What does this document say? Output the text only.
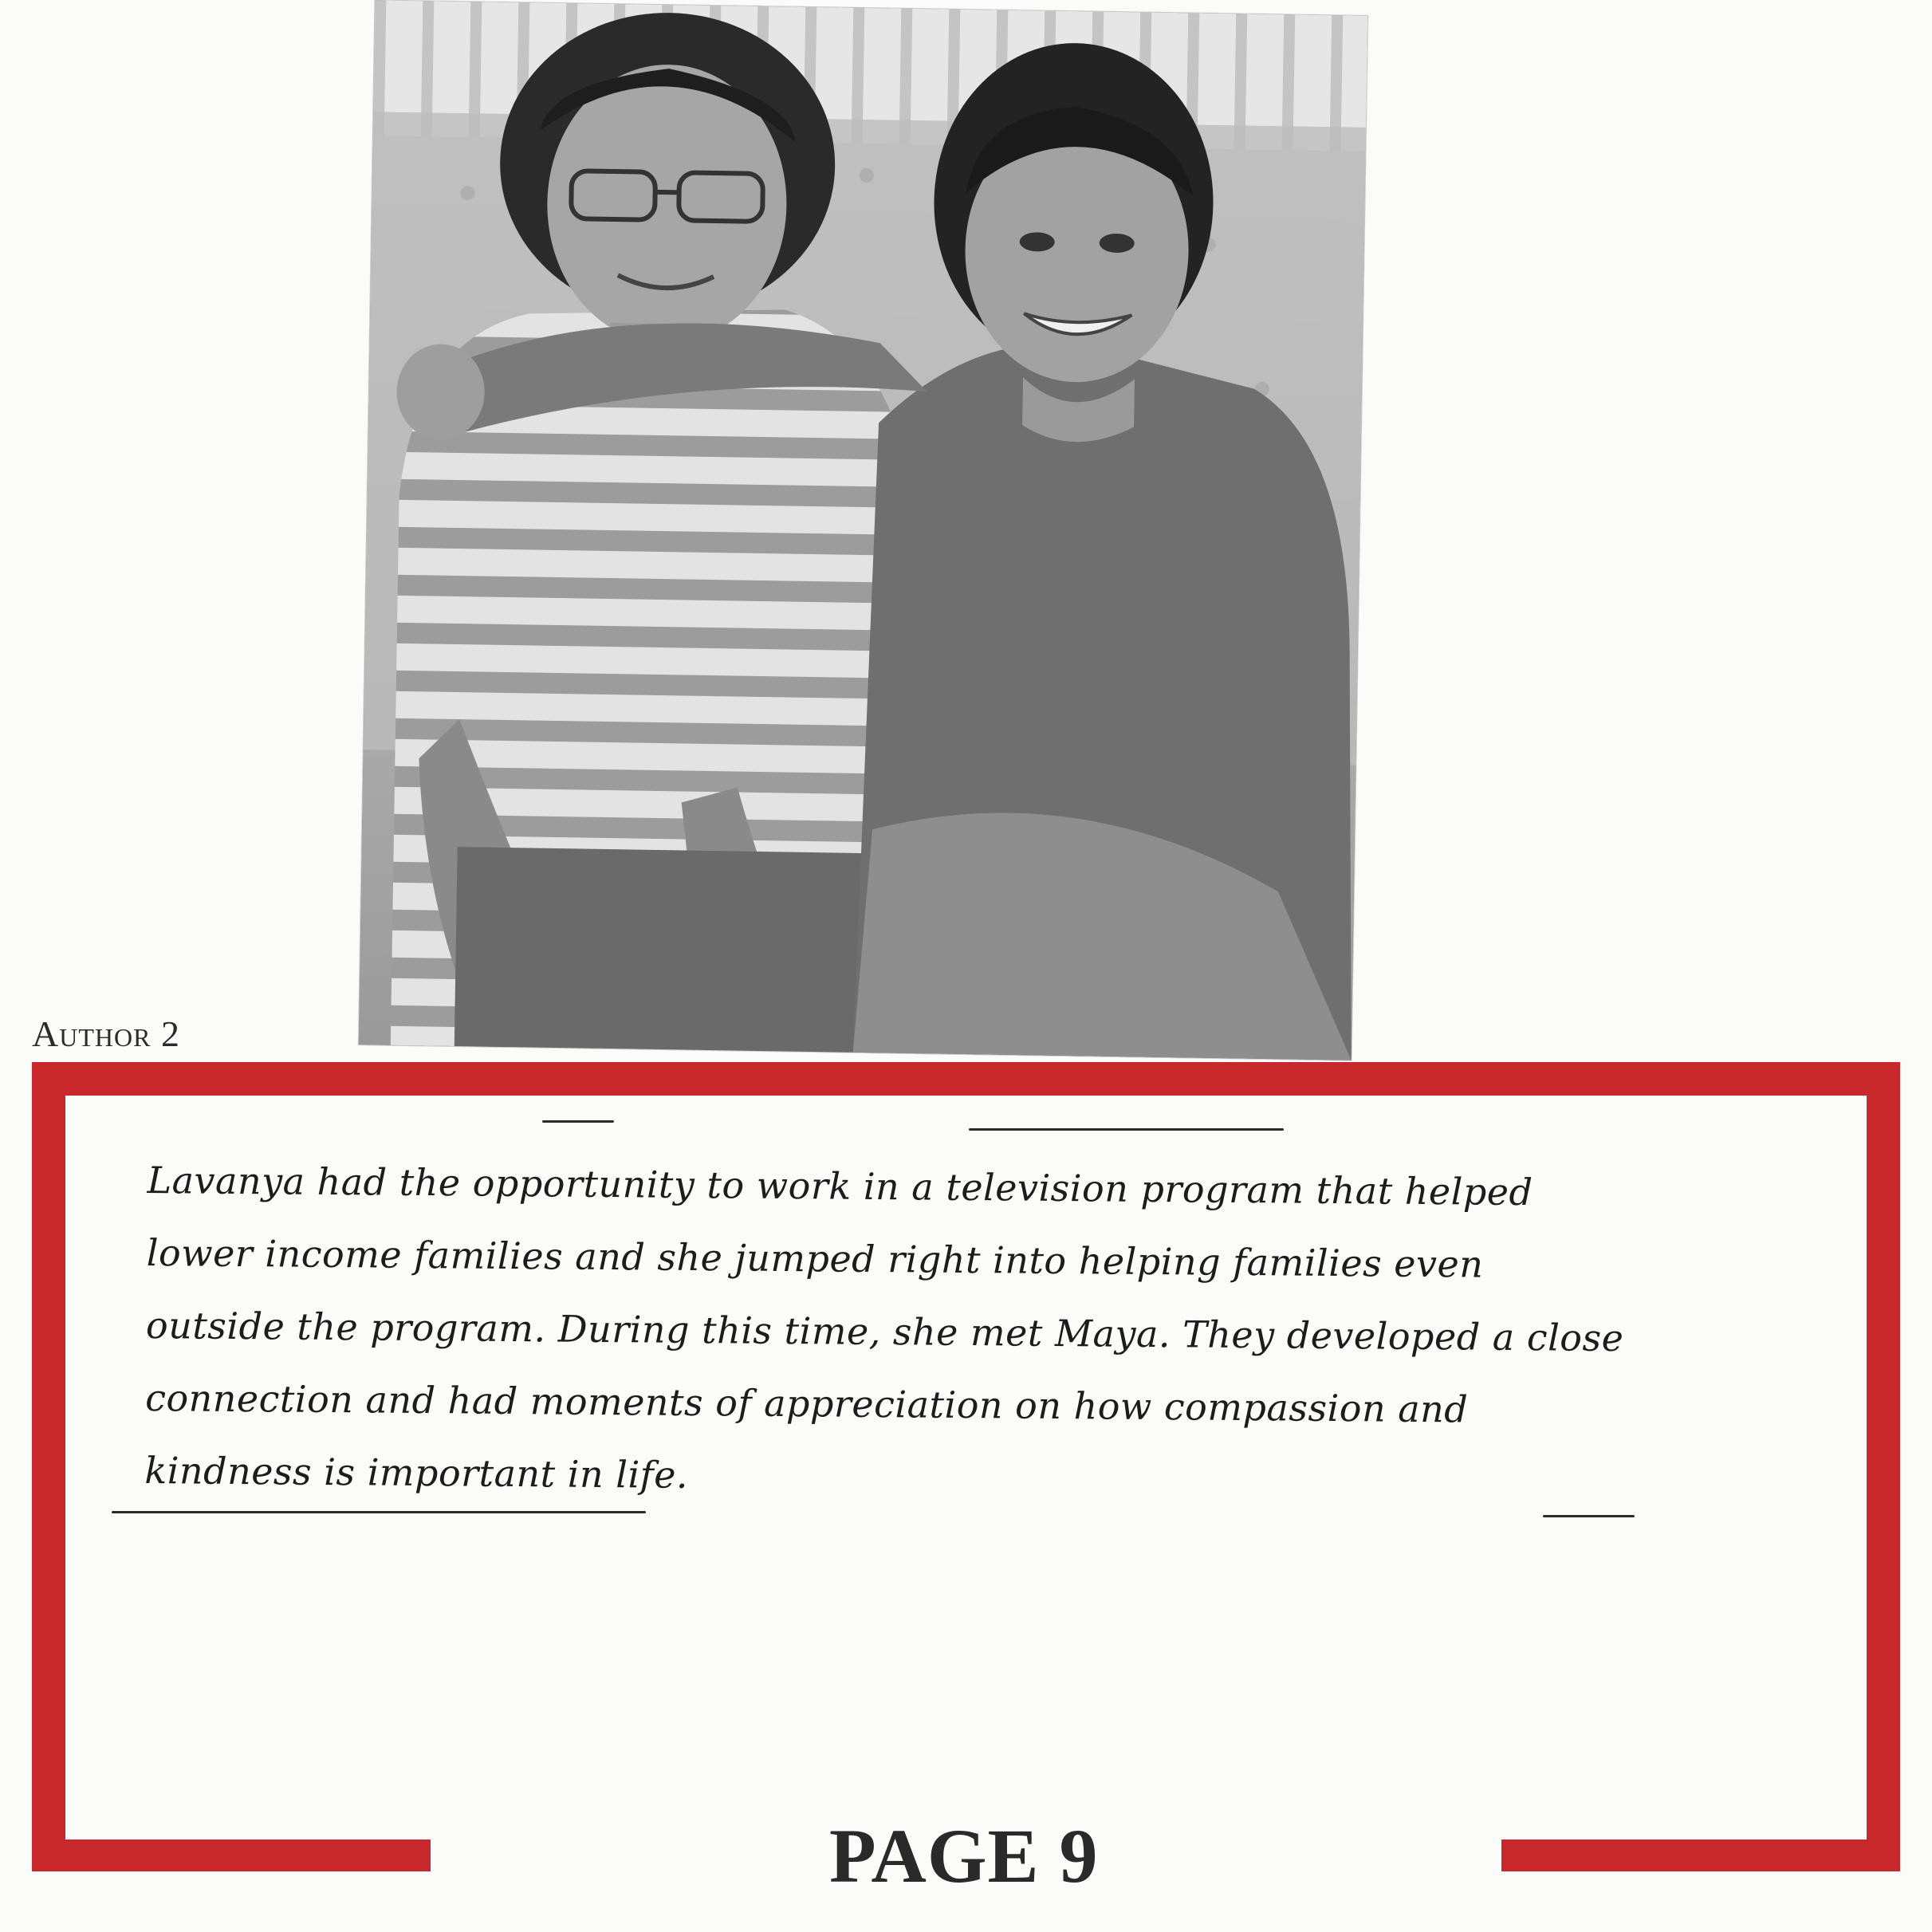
Author 2
Lavanya had the opportunity to work in a television program that helped lower income families and she jumped right into helping families even outside the program. During this time, she met Maya. They developed a close connection and had moments of appreciation on how compassion and kindness is important in life.
PAGE 9
